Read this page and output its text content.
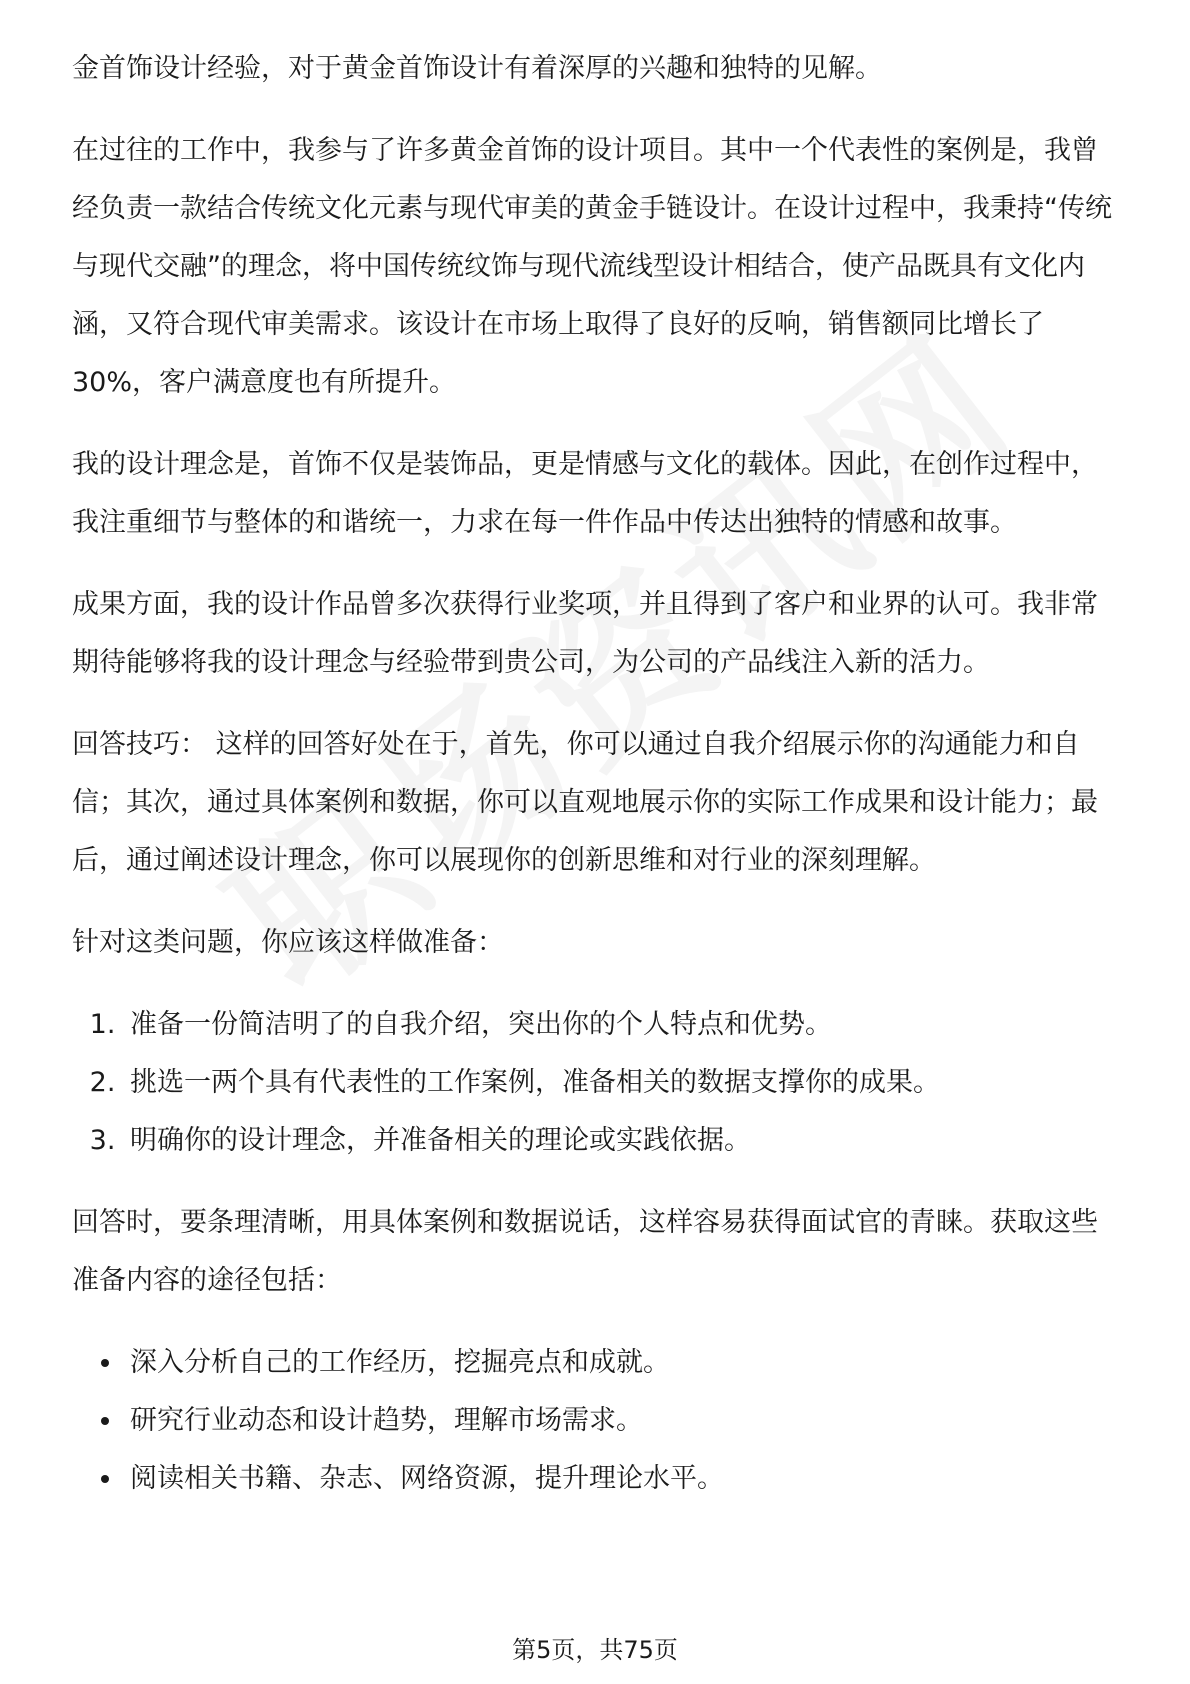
金首饰设计经验，对于黄金首饰设计有着深厚的兴趣和独特的见解。

在过往的工作中，我参与了许多黄金首饰的设计项目。其中一个代表性的案例是，我曾经负责一款结合传统文化元素与现代审美的黄金手链设计。在设计过程中，我秉持“传统与现代交融”的理念，将中国传统纹饰与现代流线型设计相结合，使产品既具有文化内涵，又符合现代审美需求。该设计在市场上取得了良好的反响，销售额同比增长了30%，客户满意度也有所提升。

我的设计理念是，首饰不仅是装饰品，更是情感与文化的载体。因此，在创作过程中，我注重细节与整体的和谐统一，力求在每一件作品中传达出独特的情感和故事。

成果方面，我的设计作品曾多次获得行业奖项，并且得到了客户和业界的认可。我非常期待能够将我的设计理念与经验带到贵公司，为公司的产品线注入新的活力。

回答技巧： 这样的回答好处在于，首先，你可以通过自我介绍展示你的沟通能力和自信；其次，通过具体案例和数据，你可以直观地展示你的实际工作成果和设计能力；最后，通过阐述设计理念，你可以展现你的创新思维和对行业的深刻理解。

针对这类问题，你应该这样做准备：

1. 准备一份简洁明了的自我介绍，突出你的个人特点和优势。
2. 挑选一两个具有代表性的工作案例，准备相关的数据支撑你的成果。
3. 明确你的设计理念，并准备相关的理论或实践依据。

回答时，要条理清晰，用具体案例和数据说话，这样容易获得面试官的青睐。获取这些准备内容的途径包括：

• 深入分析自己的工作经历，挖掘亮点和成就。
• 研究行业动态和设计趋势，理解市场需求。
• 阅读相关书籍、杂志、网络资源，提升理论水平。
第5页，共75页
